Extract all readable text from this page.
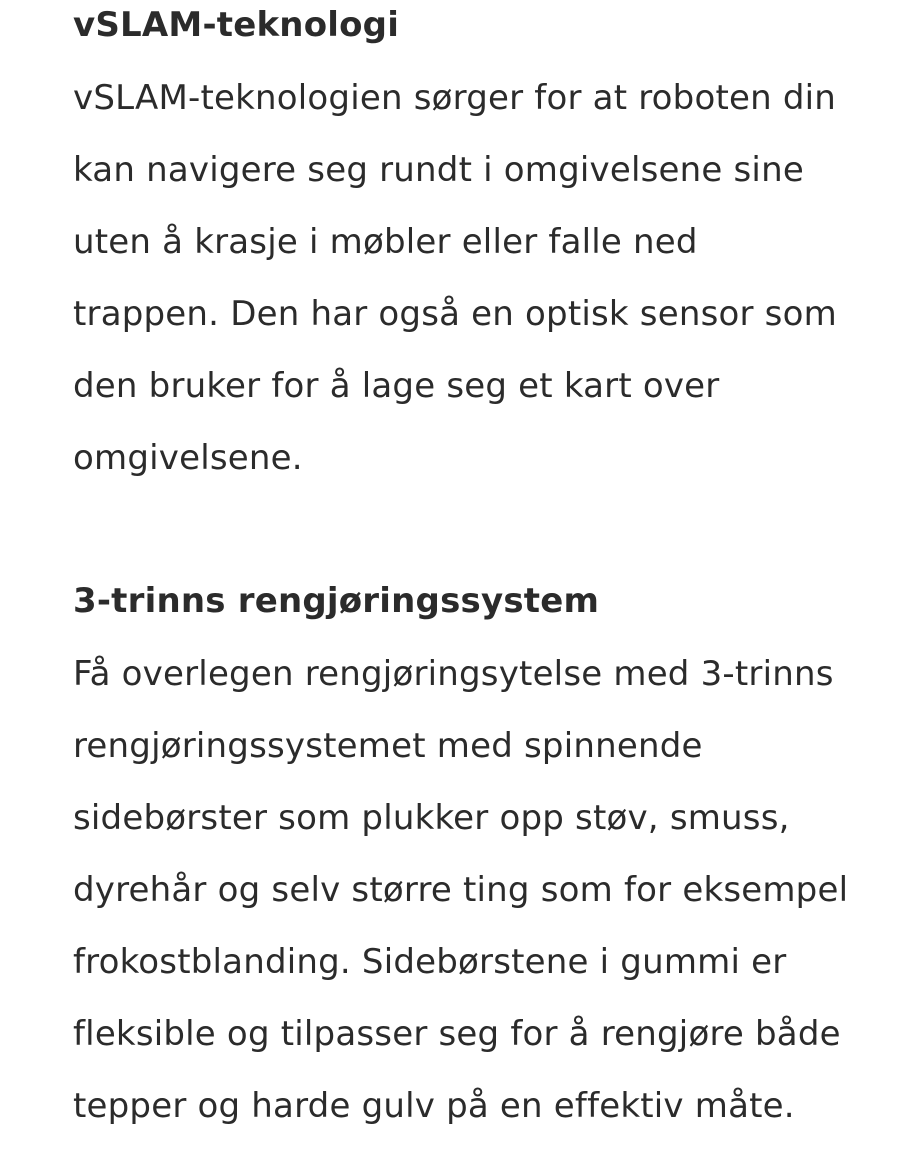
vSLAM-teknologi
vSLAM-teknologien sørger for at roboten din
kan navigere seg rundt i omgivelsene sine
uten å krasje i møbler eller falle ned
trappen. Den har også en optisk sensor som
den bruker for å lage seg et kart over
omgivelsene.
3-trinns rengjøringssystem
Få overlegen rengjøringsytelse med 3-trinns
rengjøringssystemet med spinnende
sidebørster som plukker opp støv, smuss,
dyrehår og selv større ting som for eksempel
frokostblanding. Sidebørstene i gummi er
fleksible og tilpasser seg for å rengjøre både
tepper og harde gulv på en effektiv måte.
